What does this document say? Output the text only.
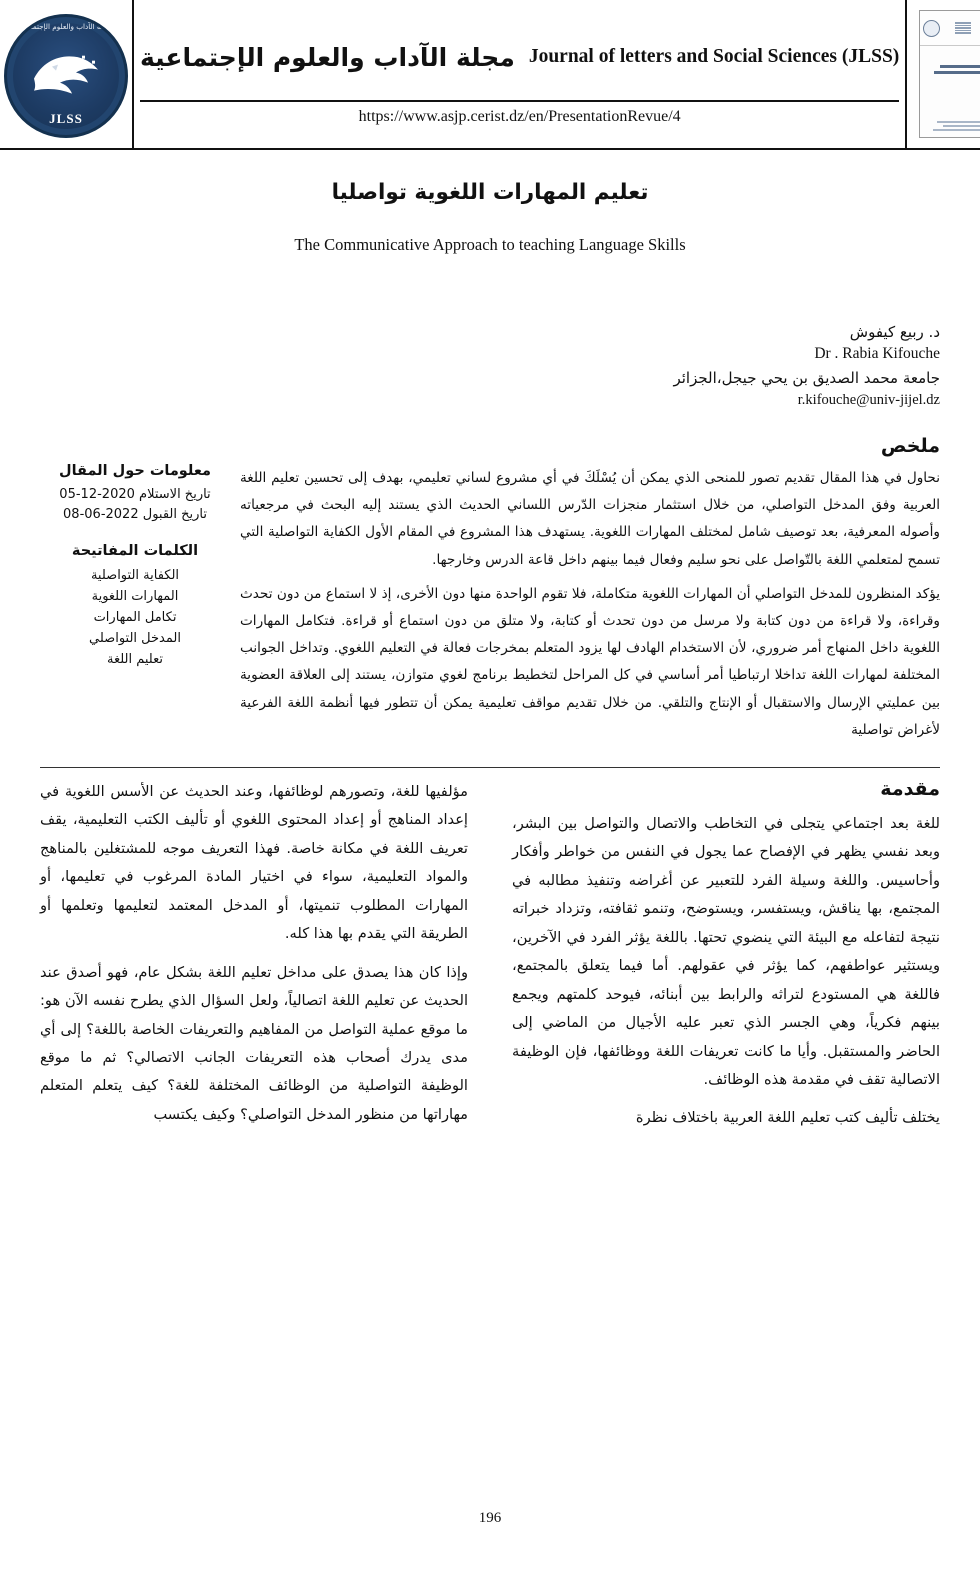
مجلة الآداب والعلوم الإجتماعية
JLSS
مجلة الآداب والعلوم الإجتماعية Journal of letters and Social Sciences (JLSS)
https://www.asjp.cerist.dz/en/PresentationRevue/4
تعليم المهارات اللغوية تواصليا
The Communicative Approach to teaching Language Skills
د. ربيع كيفوش
Dr . Rabia Kifouche
جامعة محمد الصديق بن يحي جيجل،الجزائر
r.kifouche@univ-jijel.dz
ملخص

نحاول في هذا المقال تقديم تصور للمنحى الذي يمكن أن يُسْلَكَ في أي مشروع لساني تعليمي، بهدف إلى تحسين تعليم اللغة العربية وفق المدخل التواصلي، من خلال استثمار منجزات الدّرس اللساني الحديث الذي يستند إليه البحث في مرجعياته وأصوله المعرفية، بعد توصيف شامل لمختلف المهارات اللغوية. يستهدف هذا المشروع في المقام الأول الكفاية التواصلية التي تسمح لمتعلمي اللغة بالتّواصل على نحو سليم وفعال فيما بينهم داخل قاعة الدرس وخارجها.

يؤكد المنظرون للمدخل التواصلي أن المهارات اللغوية متكاملة، فلا تقوم الواحدة منها دون الأخرى، إذ لا استماع من دون تحدث وقراءة، ولا قراءة من دون كتابة ولا مرسل من دون تحدث أو كتابة، ولا متلق من دون استماع أو قراءة. فتكامل المهارات اللغوية داخل المنهاج أمر ضروري، لأن الاستخدام الهادف لها يزود المتعلم بمخرجات فعالة في التعليم اللغوي. وتداخل الجوانب المختلفة لمهارات اللغة تداخلا ارتباطيا أمر أساسي في كل المراحل لتخطيط برنامج لغوي متوازن، يستند إلى العلاقة العضوية بين عمليتي الإرسال والاستقبال أو الإنتاج والتلقي. من خلال تقديم مواقف تعليمية يمكن أن تتطور فيها أنظمة اللغة الفرعية لأغراض تواصلية

معلومات حول المقال
تاريخ الاستلام 2020-12-05
تاريخ القبول 2022-06-08
الكلمات المفاتيحة
الكفاية التواصلية
المهارات اللغوية
تكامل المهارات
المدخل التواصلي
تعليم اللغة
مقدمة

للغة بعد اجتماعي يتجلى في التخاطب والاتصال والتواصل بين البشر، وبعد نفسي يظهر في الإفصاح عما يجول في النفس من خواطر وأفكار وأحاسيس. واللغة وسيلة الفرد للتعبير عن أغراضه وتنفيذ مطالبه في المجتمع، بها يناقش، ويستفسر، ويستوضح، وتنمو ثقافته، وتزداد خبراته نتيجة لتفاعله مع البيئة التي ينضوي تحتها. باللغة يؤثر الفرد في الآخرين، ويستثير عواطفهم، كما يؤثر في عقولهم. أما فيما يتعلق بالمجتمع، فاللغة هي المستودع لتراثه والرابط بين أبنائه، فيوحد كلمتهم ويجمع بينهم فكرياً، وهي الجسر الذي تعبر عليه الأجيال من الماضي إلى الحاضر والمستقبل. وأيا ما كانت تعريفات اللغة ووظائفها، فإن الوظيفة الاتصالية تقف في مقدمة هذه الوظائف.

يختلف تأليف كتب تعليم اللغة العربية باختلاف نظرة

مؤلفيها للغة، وتصورهم لوظائفها، وعند الحديث عن الأسس اللغوية في إعداد المناهج أو إعداد المحتوى اللغوي أو تأليف الكتب التعليمية، يقف تعريف اللغة في مكانة خاصة. فهذا التعريف موجه للمشتغلين بالمناهج والمواد التعليمية، سواء في اختيار المادة المرغوب في تعليمها، أو المهارات المطلوب تنميتها، أو المدخل المعتمد لتعليمها وتعلمها أو الطريقة التي يقدم بها هذا كله.

وإذا كان هذا يصدق على مداخل تعليم اللغة بشكل عام، فهو أصدق عند الحديث عن تعليم اللغة اتصالياً، ولعل السؤال الذي يطرح نفسه الآن هو: ما موقع عملية التواصل من المفاهيم والتعريفات الخاصة باللغة؟ إلى أي مدى يدرك أصحاب هذه التعريفات الجانب الاتصالي؟ ثم ما موقع الوظيفة التواصلية من الوظائف المختلفة للغة؟ كيف يتعلم المتعلم مهاراتها من منظور المدخل التواصلي؟ وكيف يكتسب

196
